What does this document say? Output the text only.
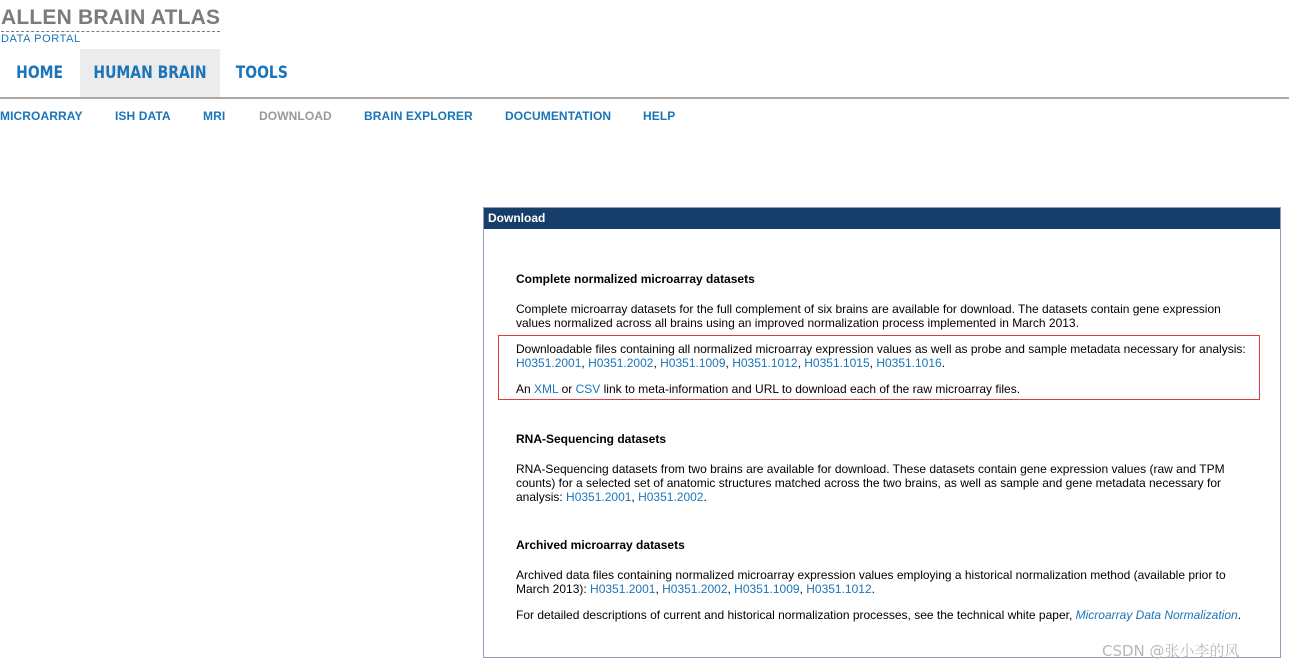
ALLEN BRAIN ATLAS
DATA PORTAL
HOME HUMAN BRAIN TOOLS
MICROARRAY	ISH DATA	MRI	DOWNLOAD	BRAIN EXPLORER	DOCUMENTATION	HELP
Download
Complete normalized microarray datasets
Complete microarray datasets for the full complement of six brains are available for download. The datasets contain gene expression values normalized across all brains using an improved normalization process implemented in March 2013.
Downloadable files containing all normalized microarray expression values as well as probe and sample metadata necessary for analysis:
H0351.2001, H0351.2002, H0351.1009, H0351.1012, H0351.1015, H0351.1016.
An XML or CSV link to meta-information and URL to download each of the raw microarray files.
RNA-Sequencing datasets
RNA-Sequencing datasets from two brains are available for download. These datasets contain gene expression values (raw and TPM counts) for a selected set of anatomic structures matched across the two brains, as well as sample and gene metadata necessary for analysis: H0351.2001, H0351.2002.
Archived microarray datasets
Archived data files containing normalized microarray expression values employing a historical normalization method (available prior to March 2013): H0351.2001, H0351.2002, H0351.1009, H0351.1012.
For detailed descriptions of current and historical normalization processes, see the technical white paper, Microarray Data Normalization.
CSDN @张小李的风
